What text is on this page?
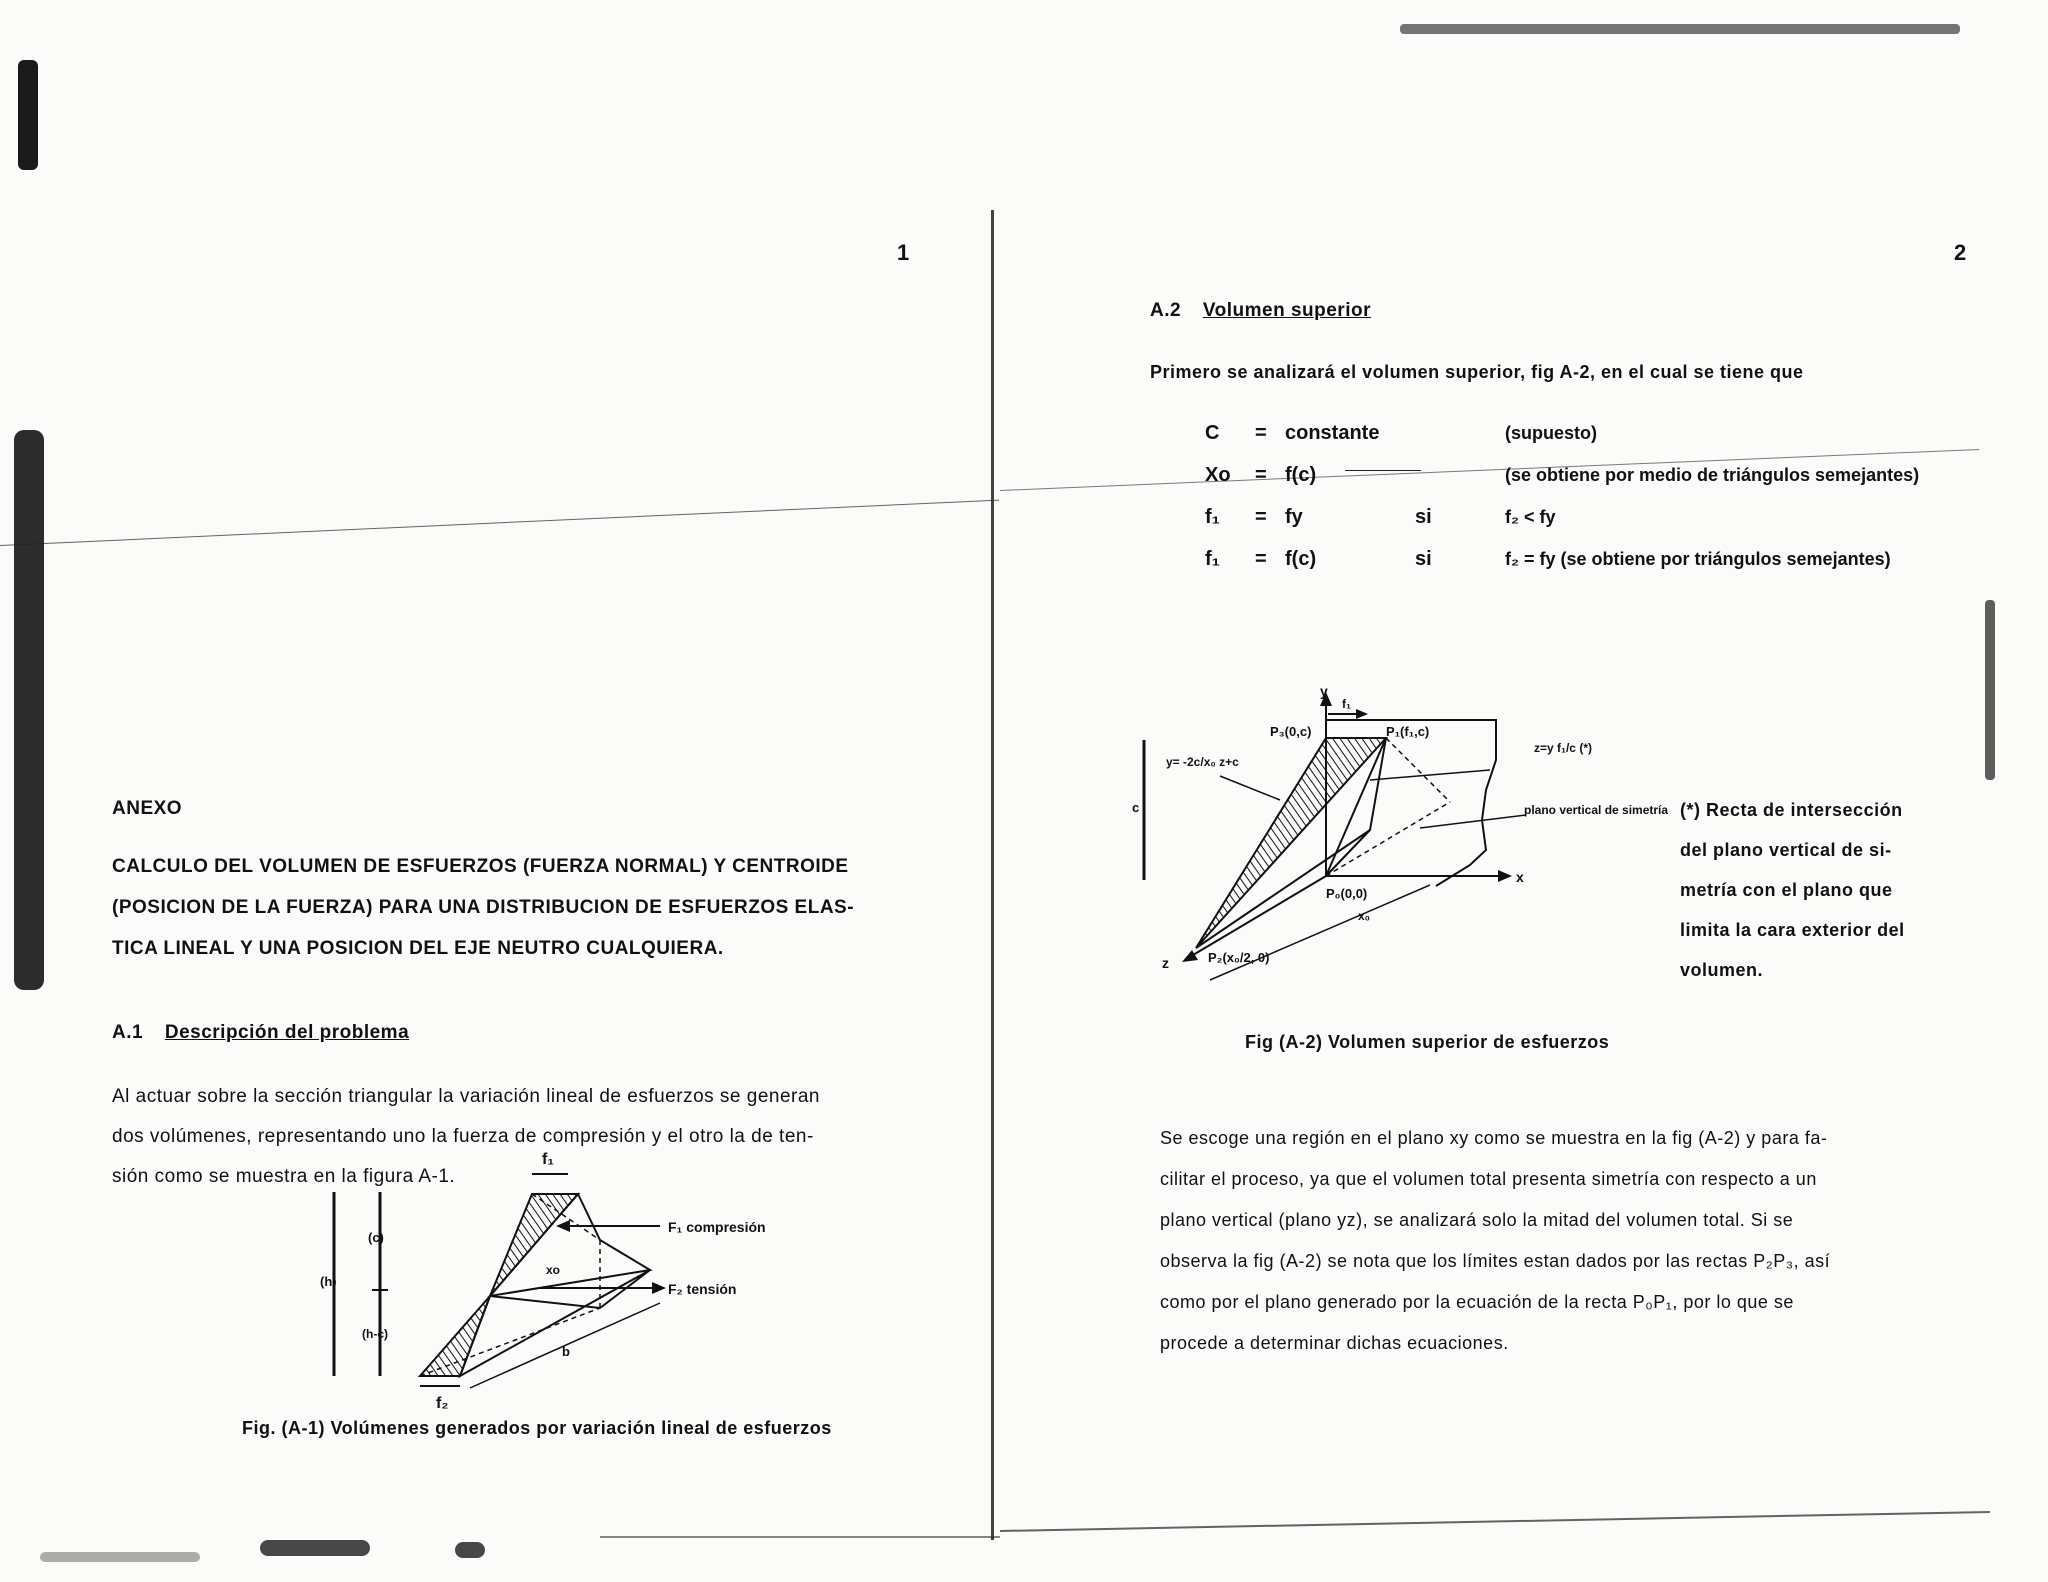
1
ANEXO
CALCULO DEL VOLUMEN DE ESFUERZOS (FUERZA NORMAL) Y CENTROIDE
(POSICION DE LA FUERZA) PARA UNA DISTRIBUCION DE ESFUERZOS ELAS-
TICA LINEAL Y UNA POSICION DEL EJE NEUTRO CUALQUIERA.
A.1 Descripción del problema
Al actuar sobre la sección triangular la variación lineal de esfuerzos se generan
dos volúmenes, representando uno la fuerza de compresión y el otro la de ten-
sión como se muestra en la figura A-1.
f₁
f₂
F₁ compresión
F₂ tensión
(c)
(h)
(h-c)
xo
b
Fig. (A-1) Volúmenes generados por variación lineal de esfuerzos
2
A.2 Volumen superior
Primero se analizará el volumen superior, fig A-2, en el cual se tiene que
C	=	constante		(supuesto)
Xo	=	f(c)		(se obtiene por medio de triángulos semejantes)
f₁	=	fy	si	f₂ < fy
f₁	=	f(c)	si	f₂ = fy (se obtiene por triángulos semejantes)
y
x
z
f₁
P₃(0,c)	P₁(f₁,c)
P₀(0,0)
P₂(x₀/2, 0)
x₀
c
y= -2c/x₀ z+c
z=y f₁/c (*)
plano vertical de simetría
Fig (A-2) Volumen superior de esfuerzos
(*) Recta de intersección
del plano vertical de si-
metría con el plano que
limita la cara exterior del
volumen.
Se escoge una región en el plano xy como se muestra en la fig (A-2) y para fa-
cilitar el proceso, ya que el volumen total presenta simetría con respecto a un
plano vertical (plano yz), se analizará solo la mitad del volumen total. Si se
observa la fig (A-2) se nota que los límites estan dados por las rectas P₂P₃, así
como por el plano generado por la ecuación de la recta P₀P₁, por lo que se
procede a determinar dichas ecuaciones.
